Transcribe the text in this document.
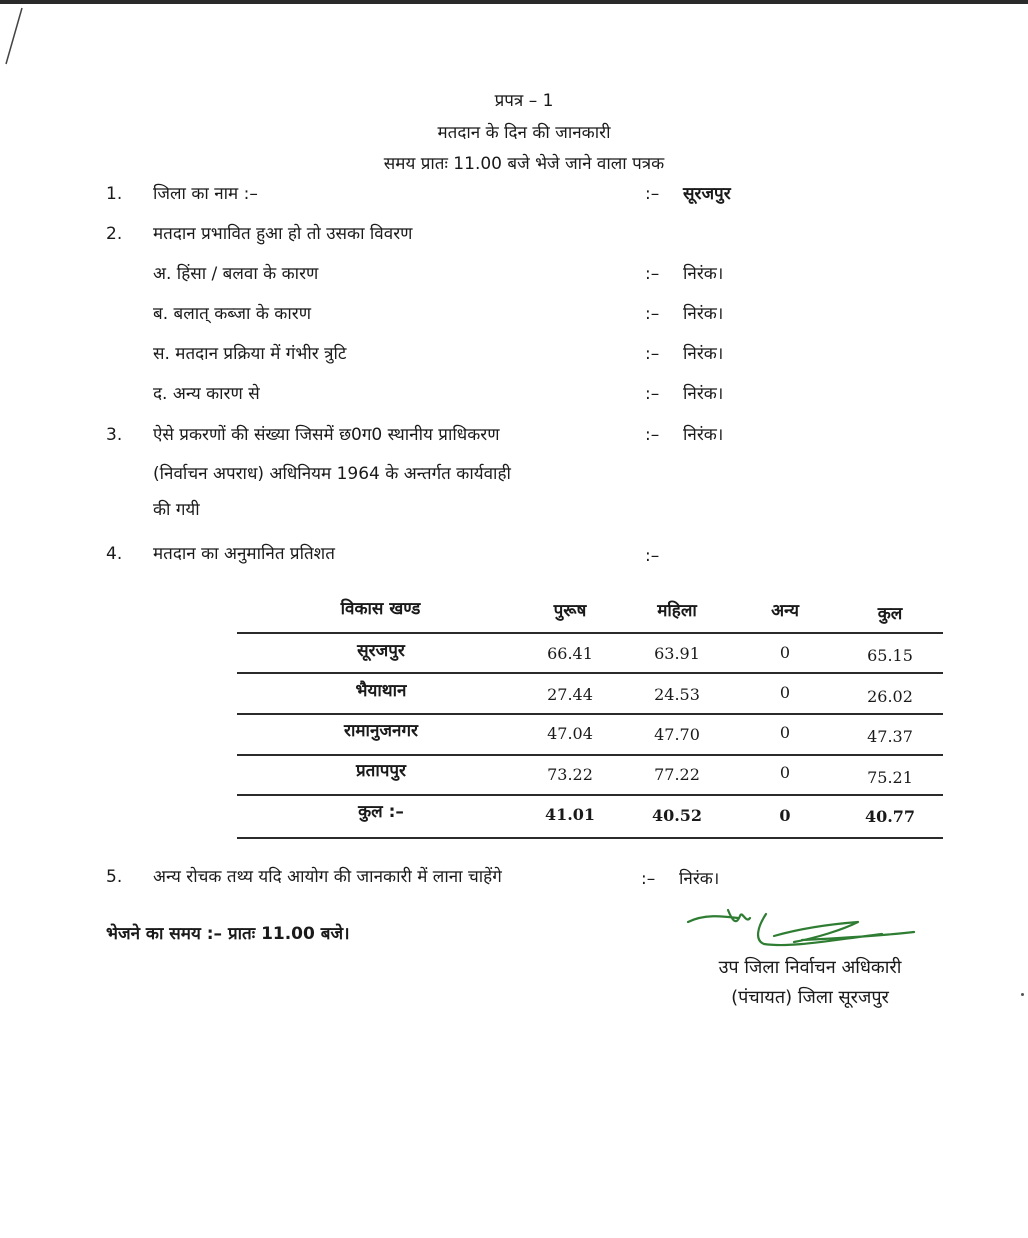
प्रपत्र – 1
मतदान के दिन की जानकारी
समय प्रातः 11.00 बजे भेजे जाने वाला पत्रक
1. जिला का नाम :–	:– सूरजपुर
2. मतदान प्रभावित हुआ हो तो उसका विवरण
अ. हिंसा / बलवा के कारण	:– निरंक।
ब. बलात् कब्जा के कारण	:– निरंक।
स. मतदान प्रक्रिया में गंभीर त्रुटि	:– निरंक।
द. अन्य कारण से	:– निरंक।
3. ऐसे प्रकरणों की संख्या जिसमें छ0ग0 स्थानीय प्राधिकरण	:– निरंक।
(निर्वाचन अपराध) अधिनियम 1964 के अन्तर्गत कार्यवाही
की गयी
4. मतदान का अनुमानित प्रतिशत	:–
विकास खण्ड	पुरूष	महिला	अन्य	कुल
सूरजपुर	66.41	63.91	0	65.15
भैयाथान	27.44	24.53	0	26.02
रामानुजनगर	47.04	47.70	0	47.37
प्रतापपुर	73.22	77.22	0	75.21
कुल :–	41.01	40.52	0	40.77
5. अन्य रोचक तथ्य यदि आयोग की जानकारी में लाना चाहेंगे	:– निरंक।
भेजने का समय :– प्रातः 11.00 बजे।
उप जिला निर्वाचन अधिकारी
(पंचायत) जिला सूरजपुर
